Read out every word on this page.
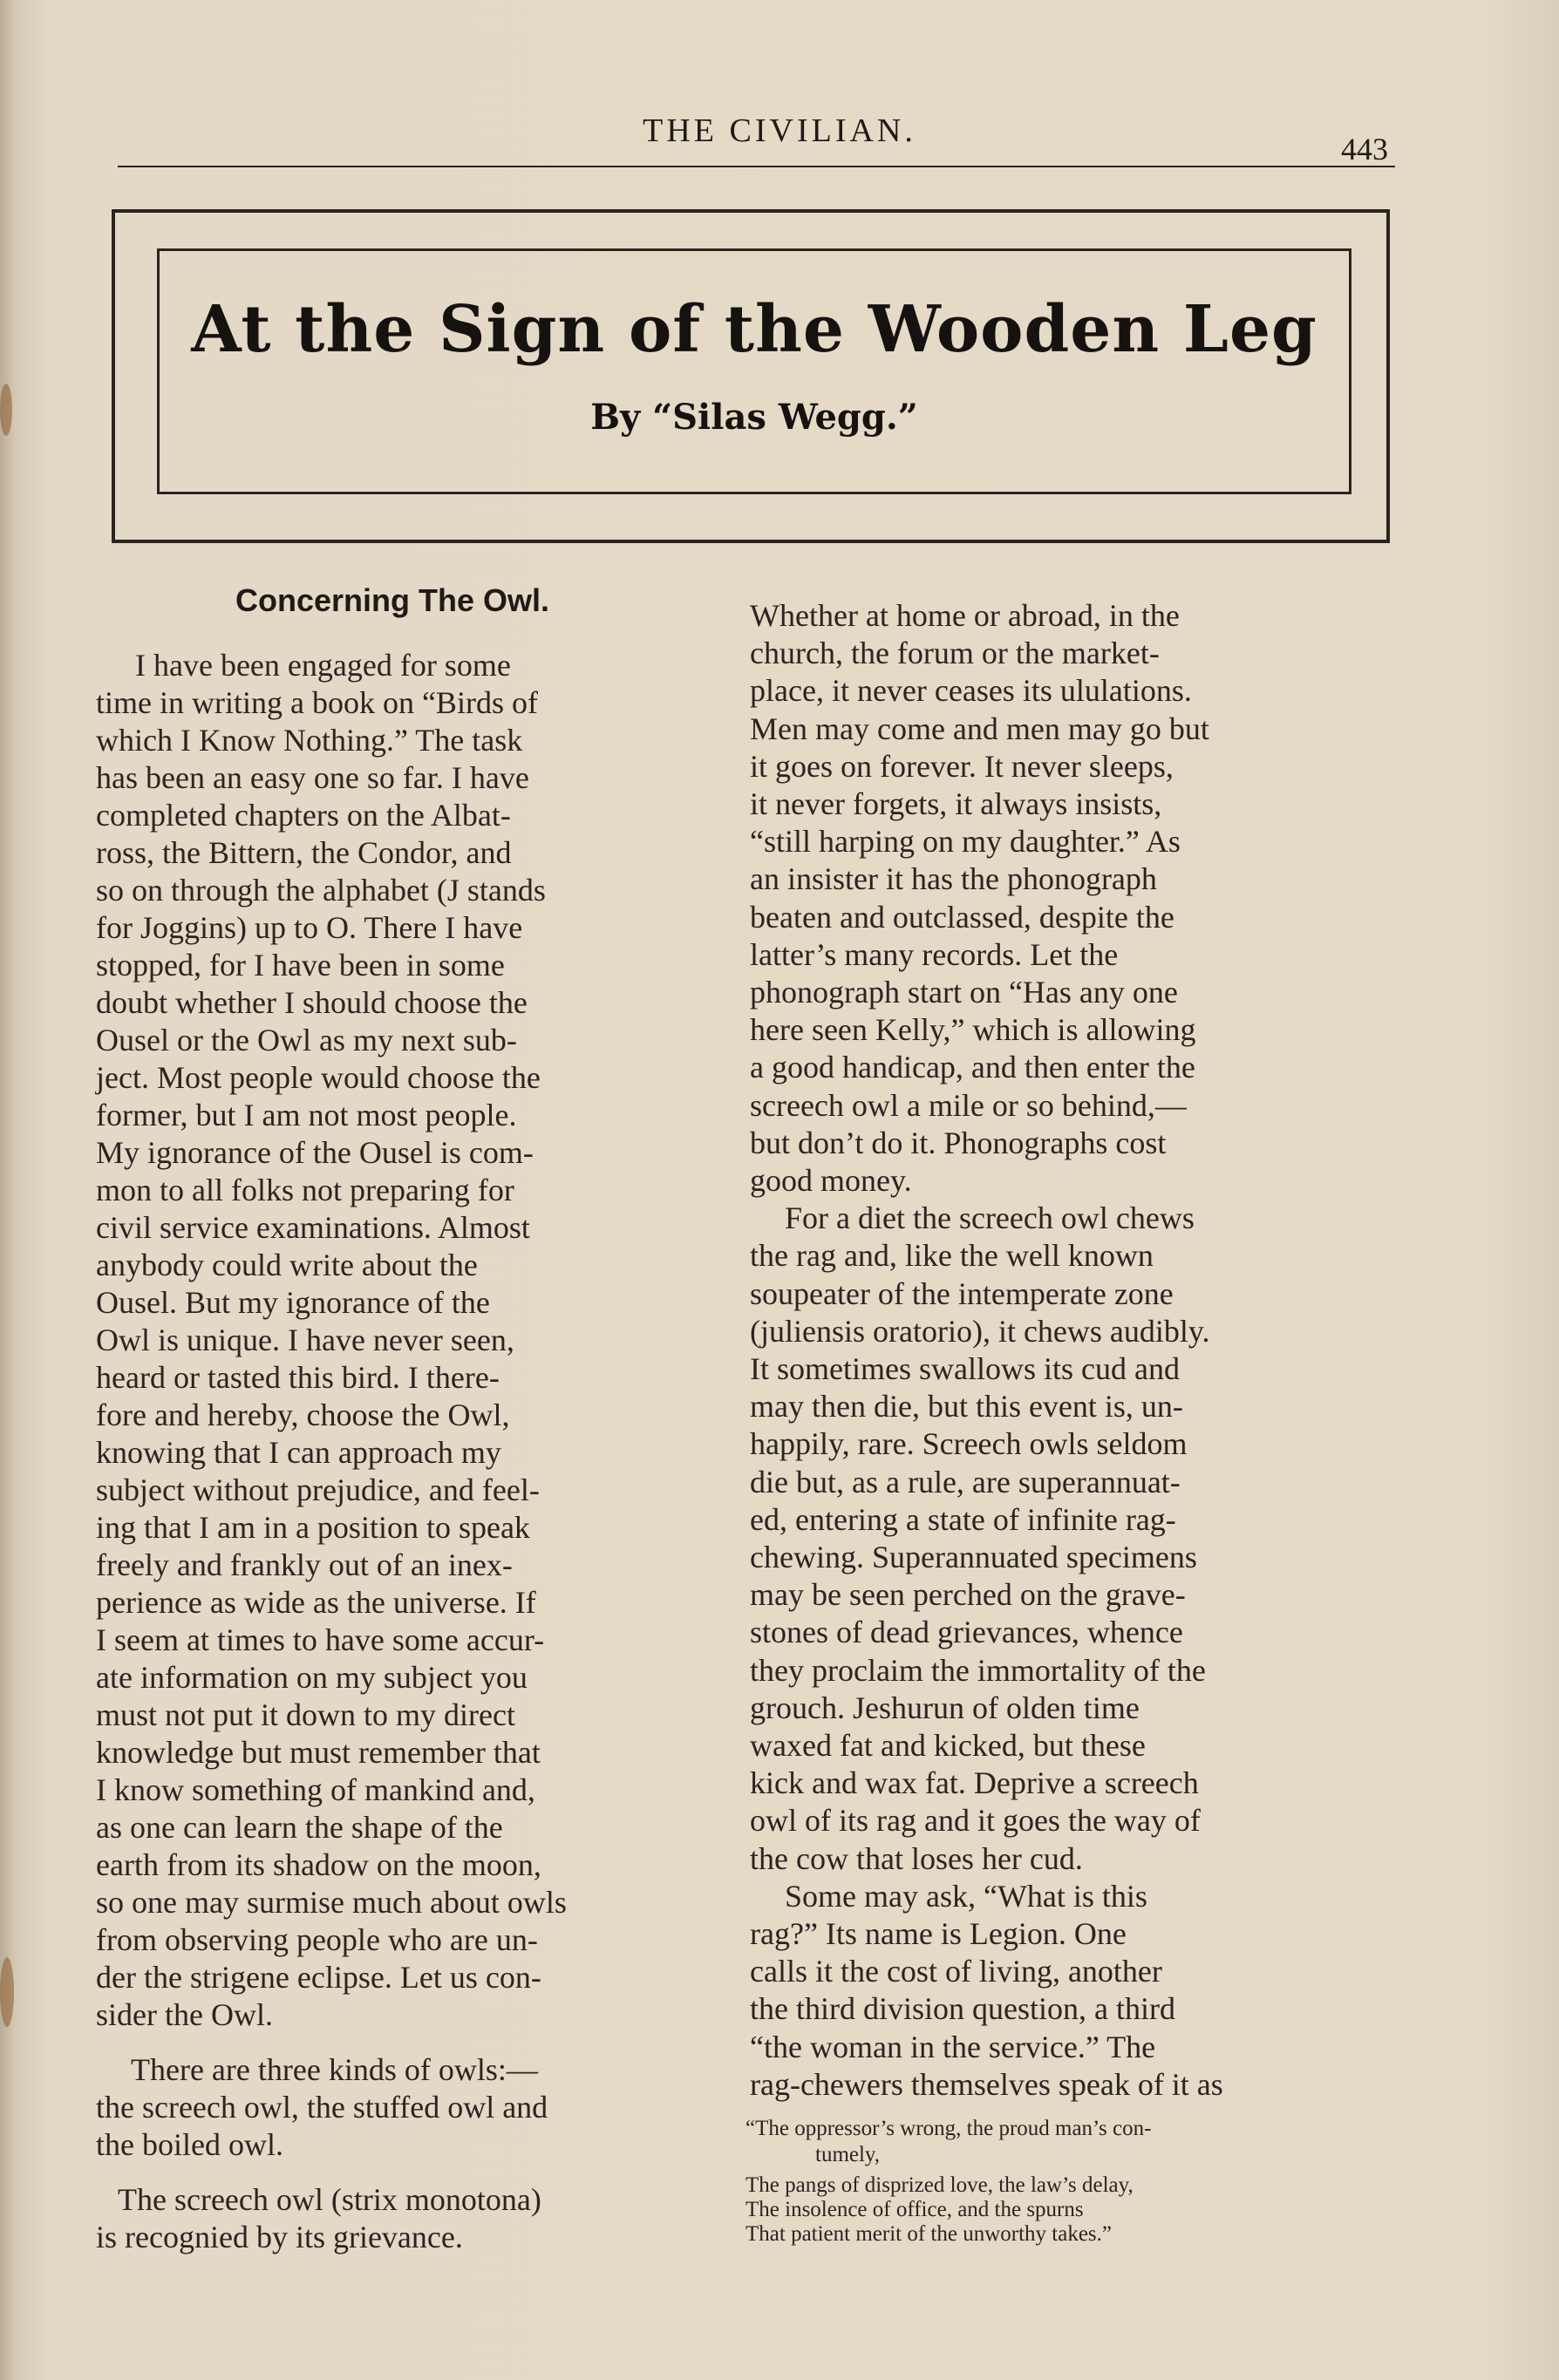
THE CIVILIAN.	443
At the Sign of the Wooden Leg
By “Silas Wegg.”
Concerning The Owl.
I have been engaged for some
time in writing a book on “Birds of
which I Know Nothing.” The task
has been an easy one so far. I have
completed chapters on the Albat-
ross, the Bittern, the Condor, and
so on through the alphabet (J stands
for Joggins) up to O. There I have
stopped, for I have been in some
doubt whether I should choose the
Ousel or the Owl as my next sub-
ject. Most people would choose the
former, but I am not most people.
My ignorance of the Ousel is com-
mon to all folks not preparing for
civil service examinations. Almost
anybody could write about the
Ousel. But my ignorance of the
Owl is unique. I have never seen,
heard or tasted this bird. I there-
fore and hereby, choose the Owl,
knowing that I can approach my
subject without prejudice, and feel-
ing that I am in a position to speak
freely and frankly out of an inex-
perience as wide as the universe. If
I seem at times to have some accur-
ate information on my subject you
must not put it down to my direct
knowledge but must remember that
I know something of mankind and,
as one can learn the shape of the
earth from its shadow on the moon,
so one may surmise much about owls
from observing people who are un-
der the strigene eclipse. Let us con-
sider the Owl.
There are three kinds of owls:—
the screech owl, the stuffed owl and
the boiled owl.
The screech owl (strix monotona)
is recognied by its grievance.
Whether at home or abroad, in the
church, the forum or the market-
place, it never ceases its ululations.
Men may come and men may go but
it goes on forever. It never sleeps,
it never forgets, it always insists,
“still harping on my daughter.” As
an insister it has the phonograph
beaten and outclassed, despite the
latter’s many records. Let the
phonograph start on “Has any one
here seen Kelly,” which is allowing
a good handicap, and then enter the
screech owl a mile or so behind,—
but don’t do it. Phonographs cost
good money.
For a diet the screech owl chews
the rag and, like the well known
soupeater of the intemperate zone
(juliensis oratorio), it chews audibly.
It sometimes swallows its cud and
may then die, but this event is, un-
happily, rare. Screech owls seldom
die but, as a rule, are superannuat-
ed, entering a state of infinite rag-
chewing. Superannuated specimens
may be seen perched on the grave-
stones of dead grievances, whence
they proclaim the immortality of the
grouch. Jeshurun of olden time
waxed fat and kicked, but these
kick and wax fat. Deprive a screech
owl of its rag and it goes the way of
the cow that loses her cud.
Some may ask, “What is this
rag?” Its name is Legion. One
calls it the cost of living, another
the third division question, a third
“the woman in the service.” The
rag-chewers themselves speak of it as
“The oppressor’s wrong, the proud man’s con-
tumely,
The pangs of disprized love, the law’s delay,
The insolence of office, and the spurns
That patient merit of the unworthy takes.”
